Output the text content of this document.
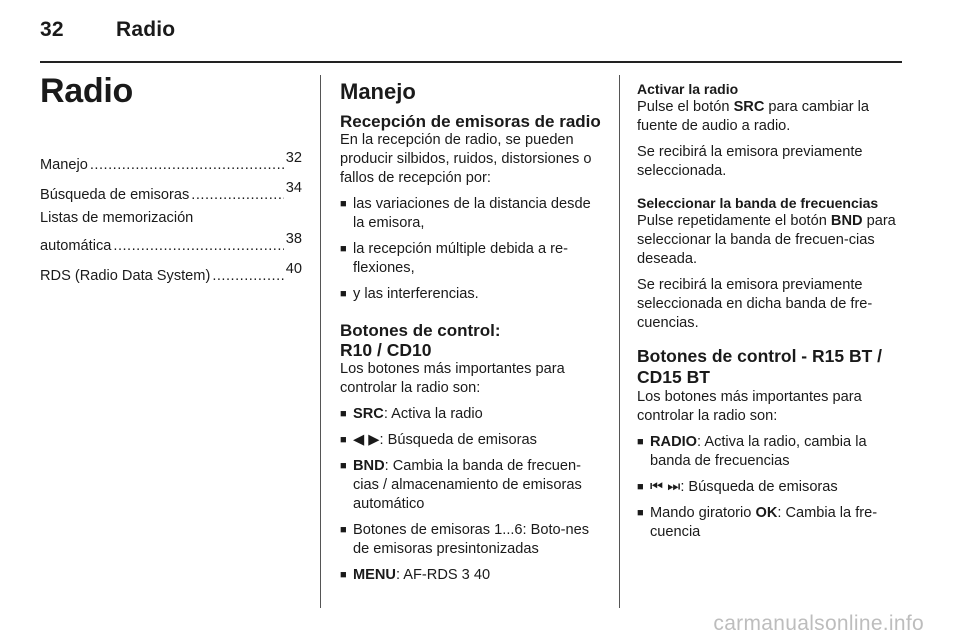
32 Radio
Radio
Manejo .....	32
Búsqueda de emisoras .....	34
Listas de memorización
automática .....	38
RDS (Radio Data System) .....	40
Manejo
Recepción de emisoras de radio

En la recepción de radio, se pueden producir silbidos, ruidos, distorsiones o fallos de recepción por:

■ las variaciones de la distancia desde la emisora,
■ la recepción múltiple debida a re-flexiones,
■ y las interferencias.
Botones de control:
R10 / CD10

Los botones más importantes para controlar la radio son:

■ SRC: Activa la radio
■ ◀ ▶: Búsqueda de emisoras
■ BND: Cambia la banda de frecuen-cias / almacenamiento de emisoras automático
■ Botones de emisoras 1...6: Boto-nes de emisoras presintonizadas
■ MENU: AF-RDS 3 40
Activar la radio

Pulse el botón SRC para cambiar la fuente de audio a radio.

Se recibirá la emisora previamente seleccionada.

Seleccionar la banda de frecuencias

Pulse repetidamente el botón BND para seleccionar la banda de frecuen-cias deseada.

Se recibirá la emisora previamente seleccionada en dicha banda de fre-cuencias.

Botones de control - R15 BT / CD15 BT

Los botones más importantes para controlar la radio son:

■ RADIO: Activa la radio, cambia la banda de frecuencias
■ ⏮ ⏭: Búsqueda de emisoras
■ Mando giratorio OK: Cambia la fre-cuencia
carmanualsonline.info
